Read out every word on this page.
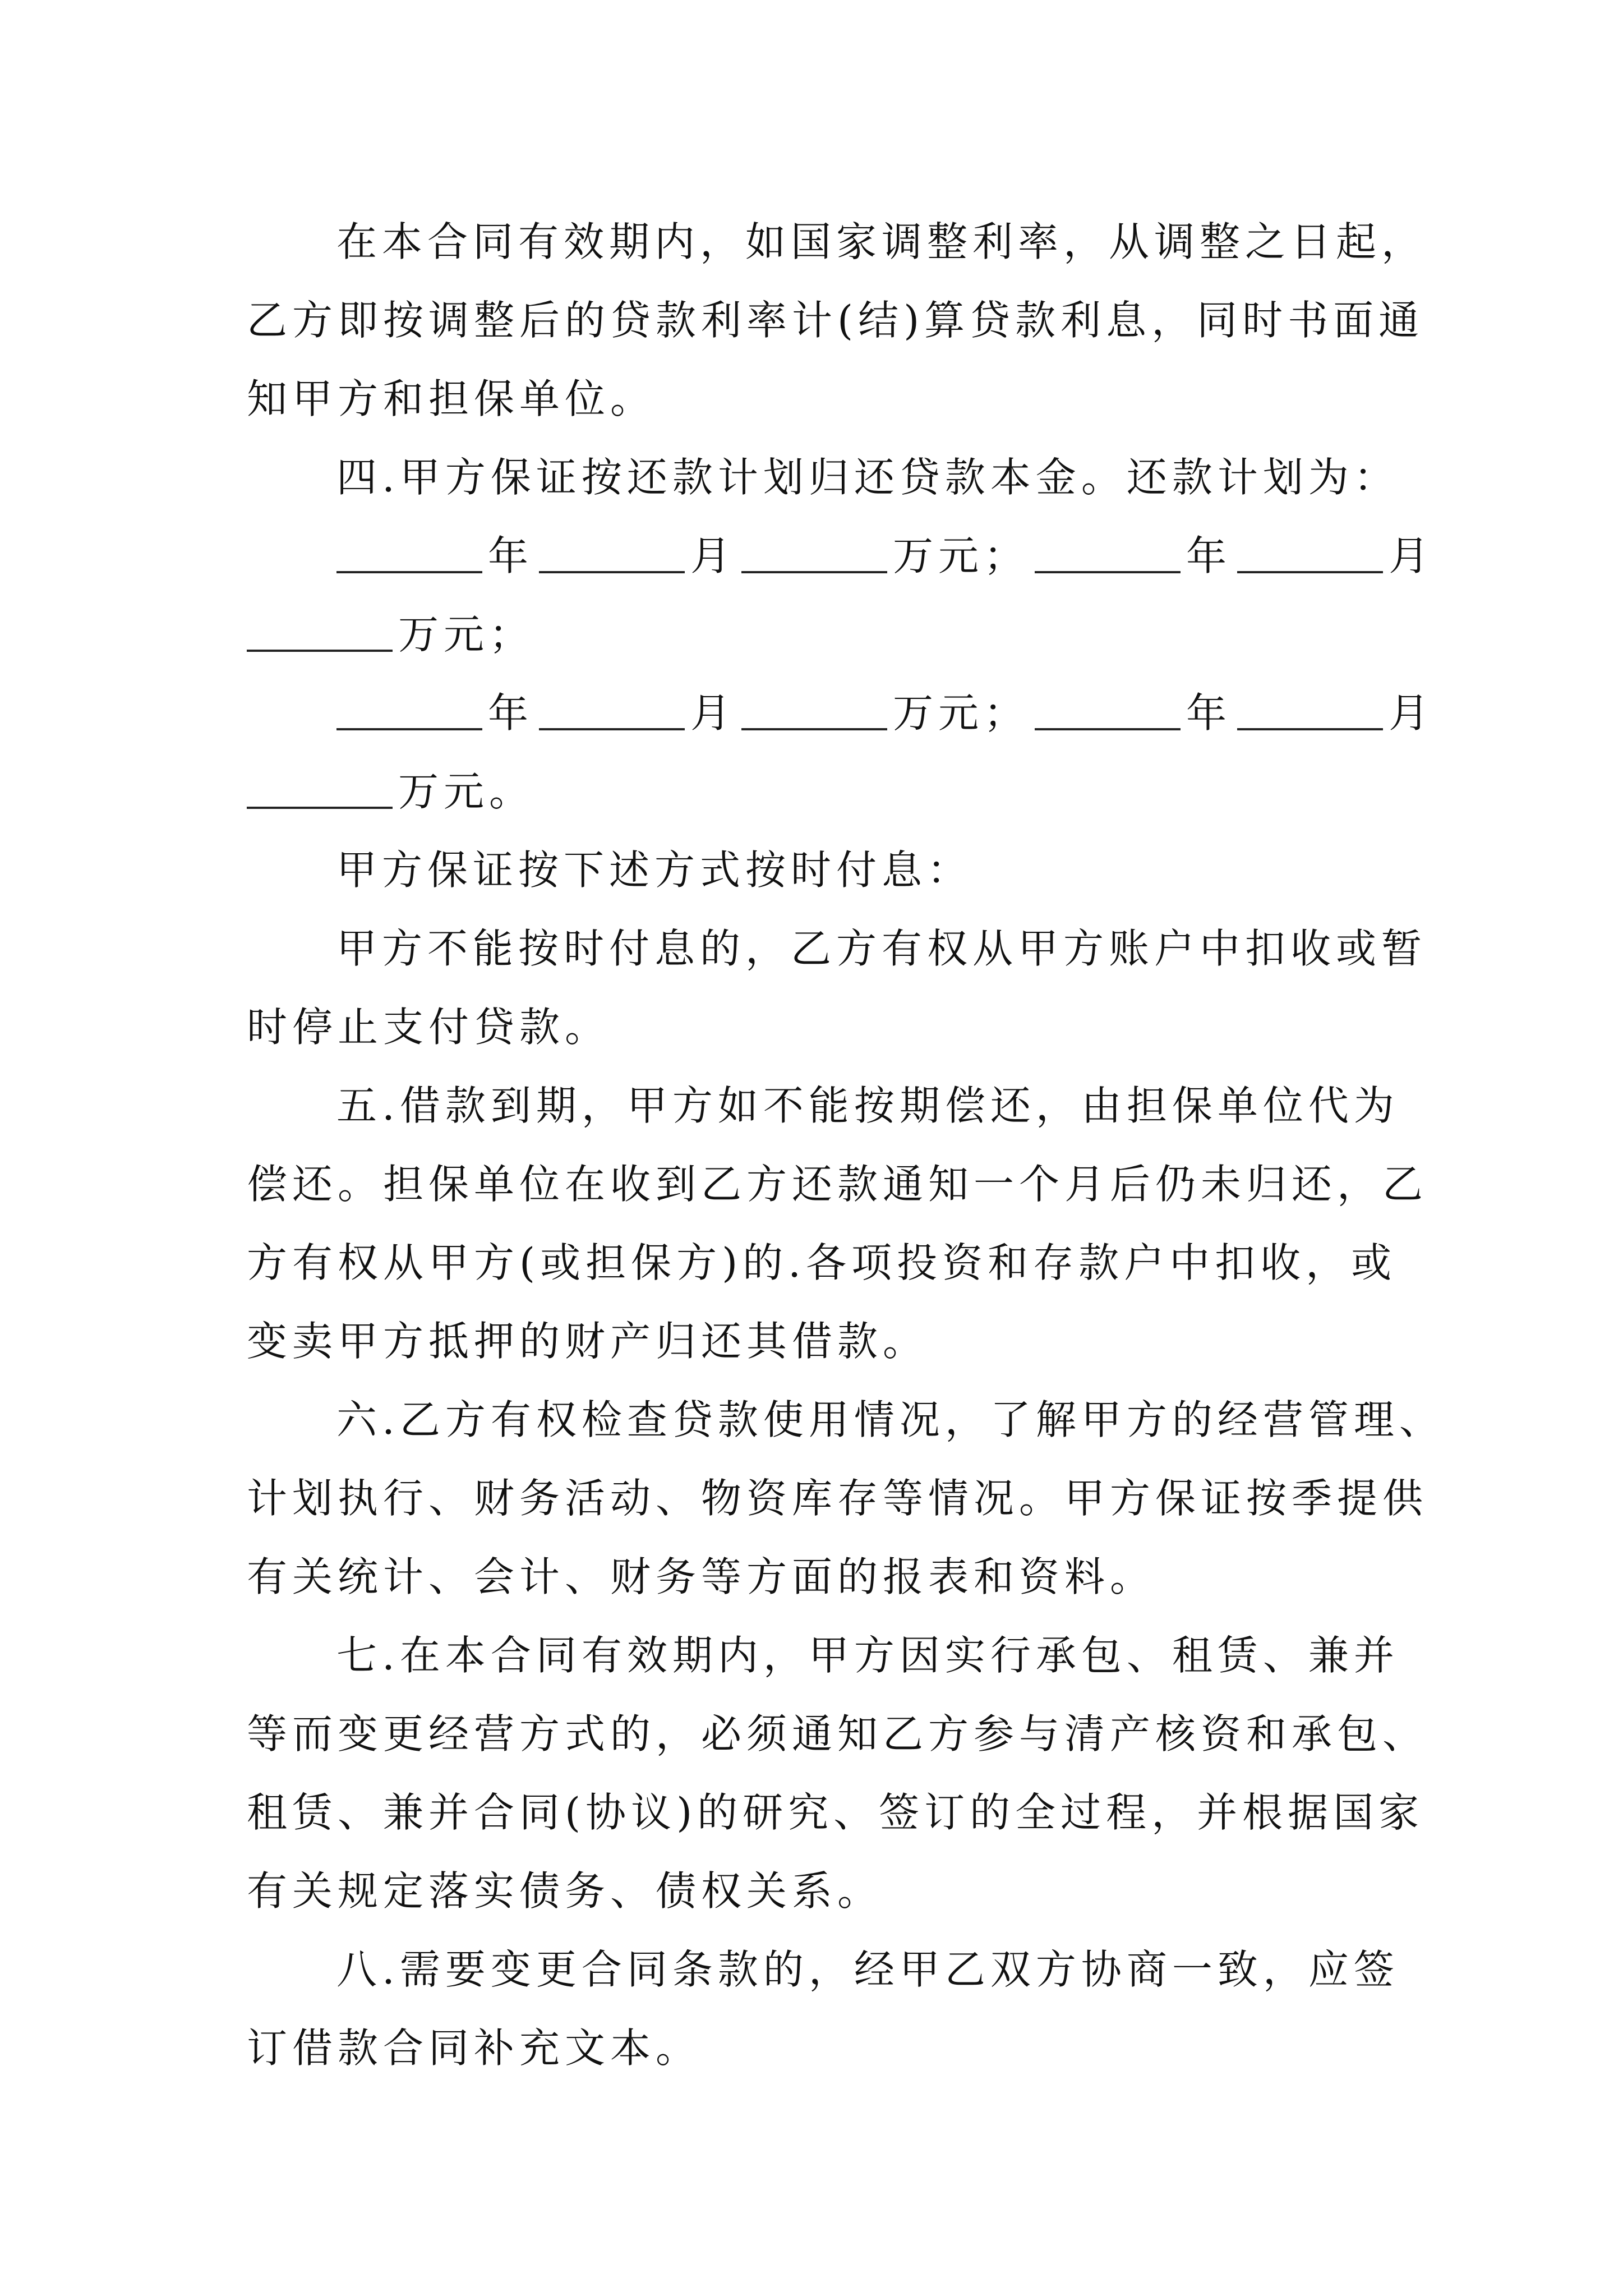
在本合同有效期内，如国家调整利率，从调整之日起，
乙方即按调整后的贷款利率计(结)算贷款利息，同时书面通
知甲方和担保单位。
四.甲方保证按还款计划归还贷款本金。还款计划为：
年	月	万元；	年	月
万元；
年	月	万元；	年	月
万元。
甲方保证按下述方式按时付息：
甲方不能按时付息的，乙方有权从甲方账户中扣收或暂
时停止支付贷款。
五.借款到期，甲方如不能按期偿还，由担保单位代为
偿还。担保单位在收到乙方还款通知一个月后仍未归还，乙
方有权从甲方(或担保方)的.各项投资和存款户中扣收，或
变卖甲方抵押的财产归还其借款。
六.乙方有权检查贷款使用情况，了解甲方的经营管理、
计划执行、财务活动、物资库存等情况。甲方保证按季提供
有关统计、会计、财务等方面的报表和资料。
七.在本合同有效期内，甲方因实行承包、租赁、兼并
等而变更经营方式的，必须通知乙方参与清产核资和承包、
租赁、兼并合同(协议)的研究、签订的全过程，并根据国家
有关规定落实债务、债权关系。
八.需要变更合同条款的，经甲乙双方协商一致，应签
订借款合同补充文本。
